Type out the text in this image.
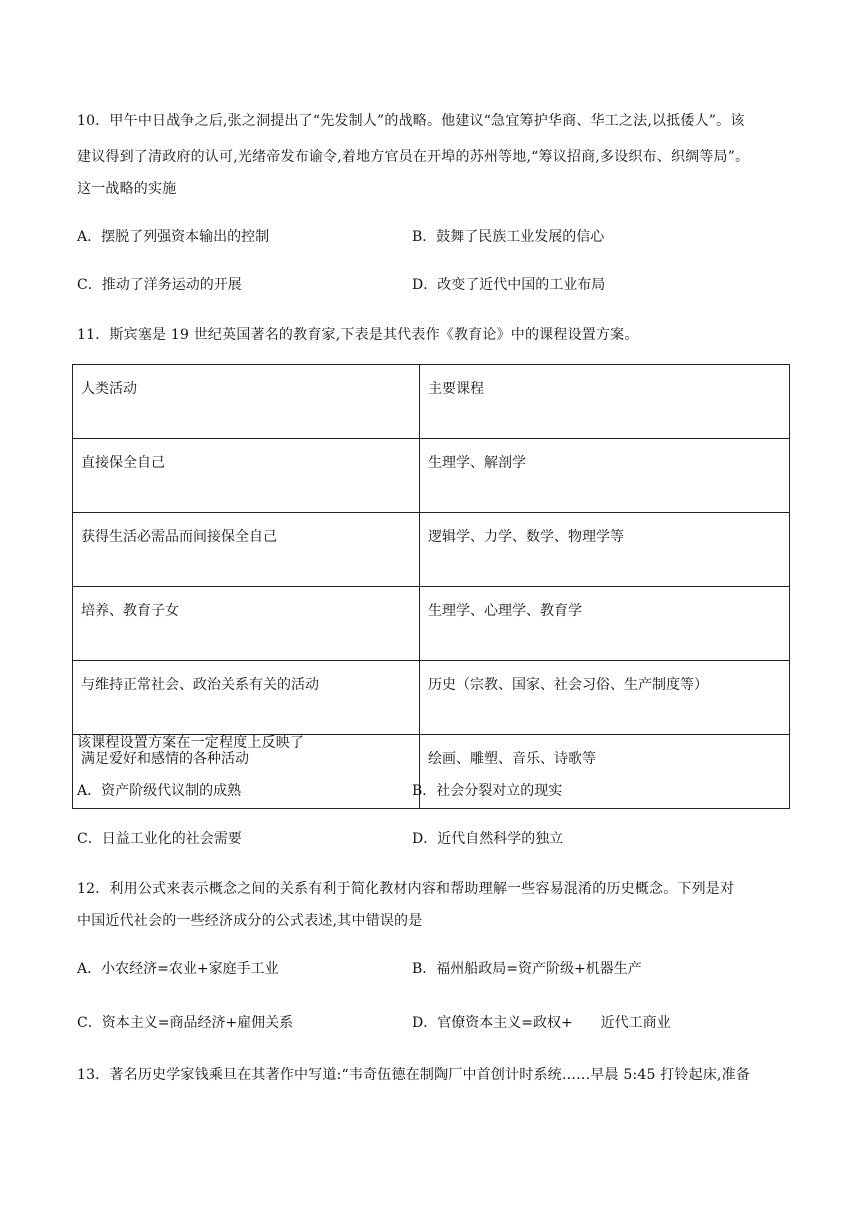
10．甲午中日战争之后,张之洞提出了“先发制人”的战略。他建议“急宜筹护华商、华工之法,以抵倭人”。该
建议得到了清政府的认可,光绪帝发布谕令,着地方官员在开埠的苏州等地,“筹议招商,多设织布、织绸等局”。
这一战略的实施
A．摆脱了列强资本输出的控制	B．鼓舞了民族工业发展的信心
C．推动了洋务运动的开展	D．改变了近代中国的工业布局
11．斯宾塞是 19 世纪英国著名的教育家,下表是其代表作《教育论》中的课程设置方案。
人类活动	主要课程
直接保全自己	生理学、解剖学
获得生活必需品而间接保全自己	逻辑学、力学、数学、物理学等
培养、教育子女	生理学、心理学、教育学
与维持正常社会、政治关系有关的活动	历史（宗教、国家、社会习俗、生产制度等）
满足爱好和感情的各种活动	绘画、雕塑、音乐、诗歌等
该课程设置方案在一定程度上反映了
A．资产阶级代议制的成熟	B．社会分裂对立的现实
C．日益工业化的社会需要	D．近代自然科学的独立
12．利用公式来表示概念之间的关系有利于简化教材内容和帮助理解一些容易混淆的历史概念。下列是对
中国近代社会的一些经济成分的公式表述,其中错误的是
A．小农经济=农业+家庭手工业	B．福州船政局=资产阶级+机器生产
C．资本主义=商品经济+雇佣关系	D．官僚资本主义=政权+　　近代工商业
13．著名历史学家钱乘旦在其著作中写道:“韦奇伍德在制陶厂中首创计时系统……早晨 5:45 打铃起床,准备
